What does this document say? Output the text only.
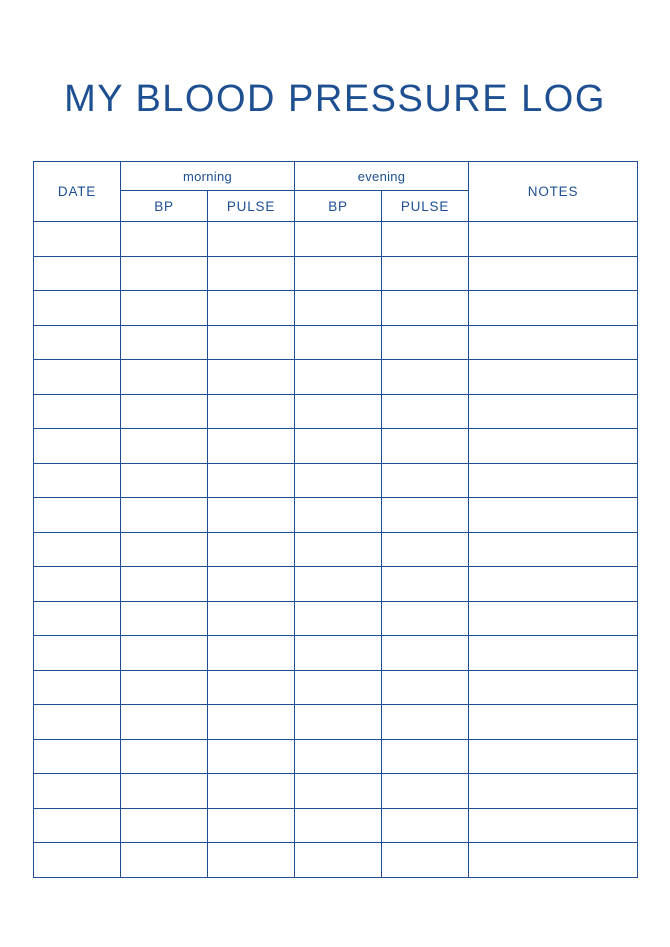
MY BLOOD PRESSURE LOG
DATE	morning		evening		NOTES
	BP	PULSE	BP	PULSE	
